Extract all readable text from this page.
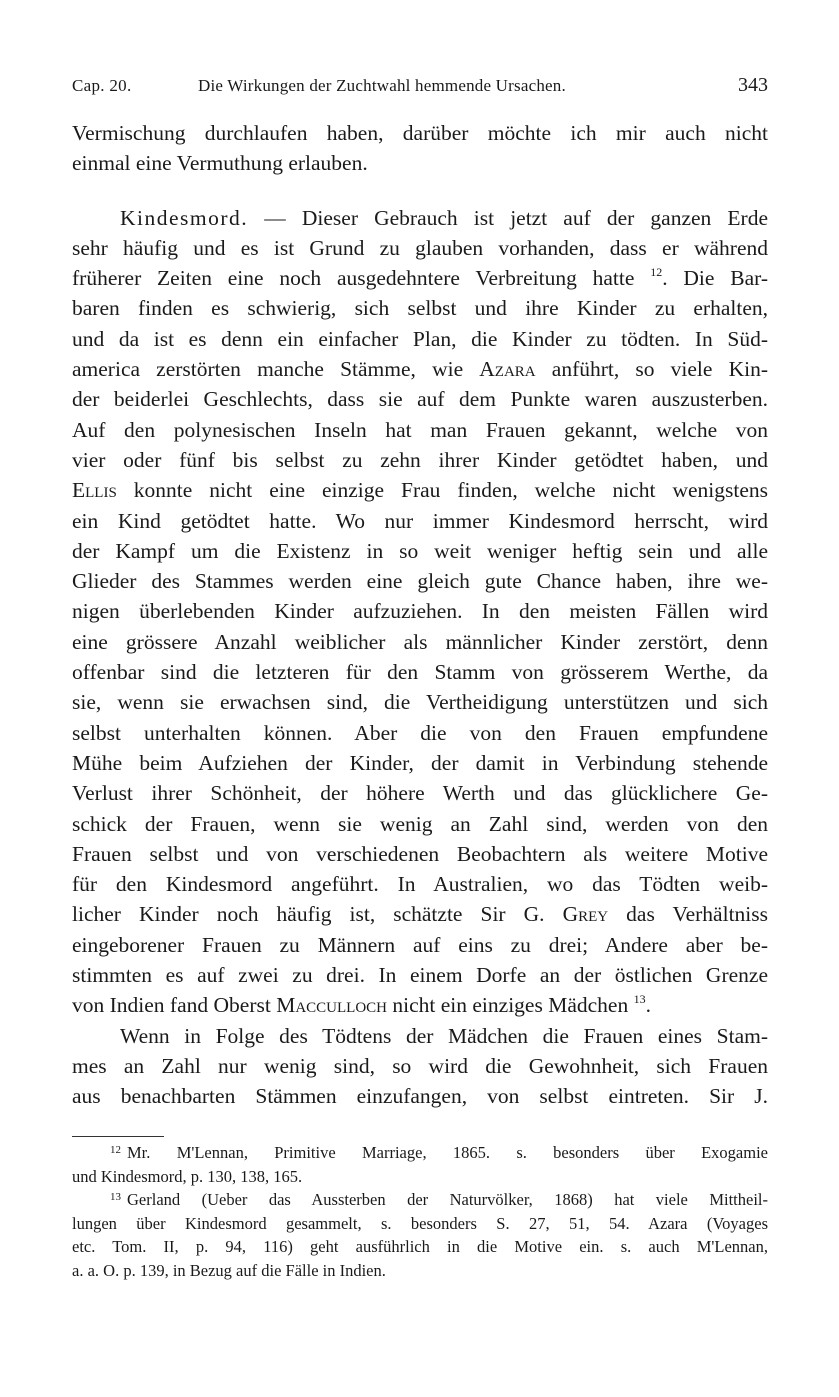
Cap. 20.	Die Wirkungen der Zuchtwahl hemmende Ursachen.	343
Vermischung durchlaufen haben, darüber möchte ich mir auch nicht
einmal eine Vermuthung erlauben.
Kindesmord. — Dieser Gebrauch ist jetzt auf der ganzen Erde
sehr häufig und es ist Grund zu glauben vorhanden, dass er während
früherer Zeiten eine noch ausgedehntere Verbreitung hatte $^{12}$. Die Bar-
baren finden es schwierig, sich selbst und ihre Kinder zu erhalten,
und da ist es denn ein einfacher Plan, die Kinder zu tödten. In Süd-
america zerstörten manche Stämme, wie Azara anführt, so viele Kin-
der beiderlei Geschlechts, dass sie auf dem Punkte waren auszusterben.
Auf den polynesischen Inseln hat man Frauen gekannt, welche von
vier oder fünf bis selbst zu zehn ihrer Kinder getödtet haben, und
Ellis konnte nicht eine einzige Frau finden, welche nicht wenigstens
ein Kind getödtet hatte. Wo nur immer Kindesmord herrscht, wird
der Kampf um die Existenz in so weit weniger heftig sein und alle
Glieder des Stammes werden eine gleich gute Chance haben, ihre we-
nigen überlebenden Kinder aufzuziehen. In den meisten Fällen wird
eine grössere Anzahl weiblicher als männlicher Kinder zerstört, denn
offenbar sind die letzteren für den Stamm von grösserem Werthe, da
sie, wenn sie erwachsen sind, die Vertheidigung unterstützen und sich
selbst unterhalten können. Aber die von den Frauen empfundene
Mühe beim Aufziehen der Kinder, der damit in Verbindung stehende
Verlust ihrer Schönheit, der höhere Werth und das glücklichere Ge-
schick der Frauen, wenn sie wenig an Zahl sind, werden von den
Frauen selbst und von verschiedenen Beobachtern als weitere Motive
für den Kindesmord angeführt. In Australien, wo das Tödten weib-
licher Kinder noch häufig ist, schätzte Sir G. Grey das Verhältniss
eingeborener Frauen zu Männern auf eins zu drei; Andere aber be-
stimmten es auf zwei zu drei. In einem Dorfe an der östlichen Grenze
von Indien fand Oberst Macculloch nicht ein einziges Mädchen $^{13}$.
Wenn in Folge des Tödtens der Mädchen die Frauen eines Stam-
mes an Zahl nur wenig sind, so wird die Gewohnheit, sich Frauen
aus benachbarten Stämmen einzufangen, von selbst eintreten. Sir J.
$^{12}$ Mr. M'Lennan, Primitive Marriage, 1865. s. besonders über Exogamie
und Kindesmord, p. 130, 138, 165.
$^{13}$ Gerland (Ueber das Aussterben der Naturvölker, 1868) hat viele Mittheil-
lungen über Kindesmord gesammelt, s. besonders S. 27, 51, 54. Azara (Voyages
etc. Tom. II, p. 94, 116) geht ausführlich in die Motive ein. s. auch M'Lennan,
a. a. O. p. 139, in Bezug auf die Fälle in Indien.
